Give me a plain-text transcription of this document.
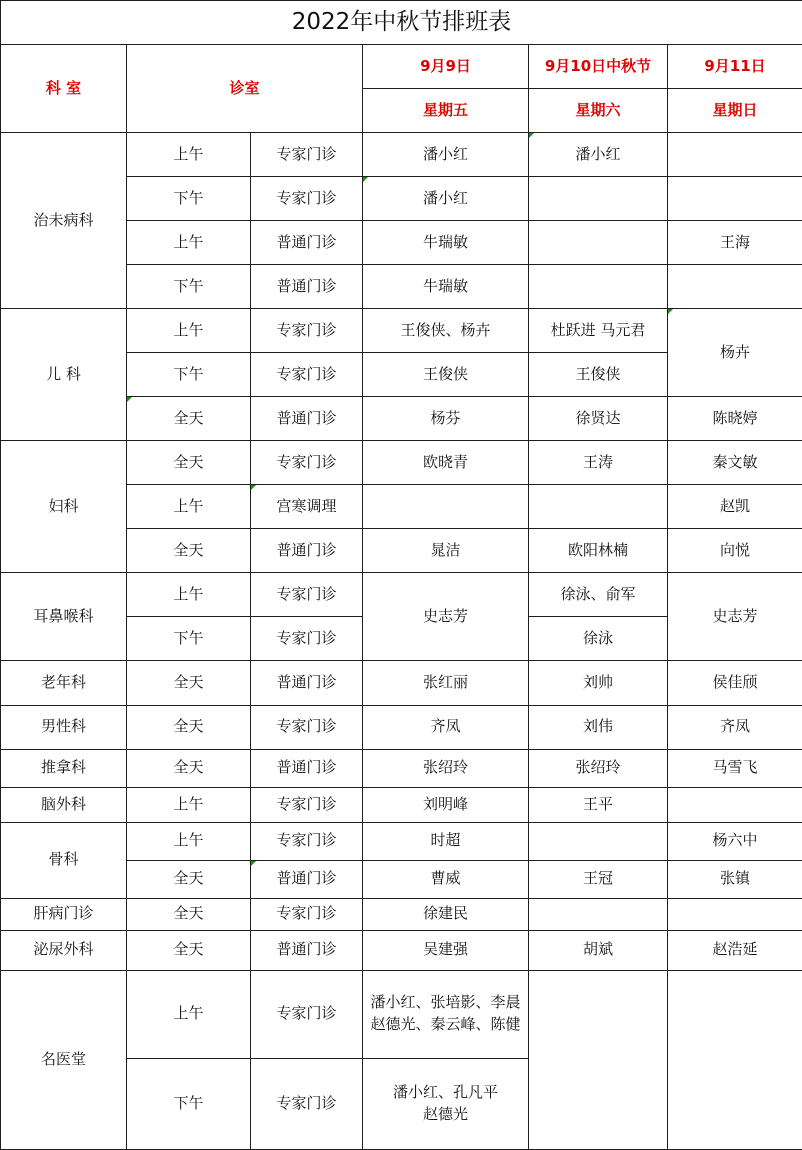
2022年中秋节排班表					
科 室	诊室		9月9日	9月10日中秋节	9月11日
			星期五	星期六	星期日
治未病科	上午	专家门诊	潘小红	潘小红	
	下午	专家门诊	潘小红		
	上午	普通门诊	牛瑞敏		王海
	下午	普通门诊	牛瑞敏		
儿 科	上午	专家门诊	王俊侠、杨卉	杜跃进 马元君	杨卉
	下午	专家门诊	王俊侠	王俊侠	
	全天	普通门诊	杨芬	徐贤达	陈晓婷
妇科	全天	专家门诊	欧晓青	王涛	秦文敏
	上午	宫寒调理			赵凯
	全天	普通门诊	晁洁	欧阳林楠	向悦
耳鼻喉科	上午	专家门诊	史志芳	徐泳、俞军	史志芳
	下午	专家门诊		徐泳	
老年科	全天	普通门诊	张红丽	刘帅	侯佳颀
男性科	全天	专家门诊	齐凤	刘伟	齐凤
推拿科	全天	普通门诊	张绍玲	张绍玲	马雪飞
脑外科	上午	专家门诊	刘明峰	王平	
骨科	上午	专家门诊	时超		杨六中
	全天	普通门诊	曹威	王冠	张镇
肝病门诊	全天	专家门诊	徐建民		
泌尿外科	全天	普通门诊	吴建强	胡斌	赵浩延
名医堂	上午	专家门诊	潘小红、张培影、李晨
赵德光、秦云峰、陈健		
	下午	专家门诊	潘小红、孔凡平
赵德光		
